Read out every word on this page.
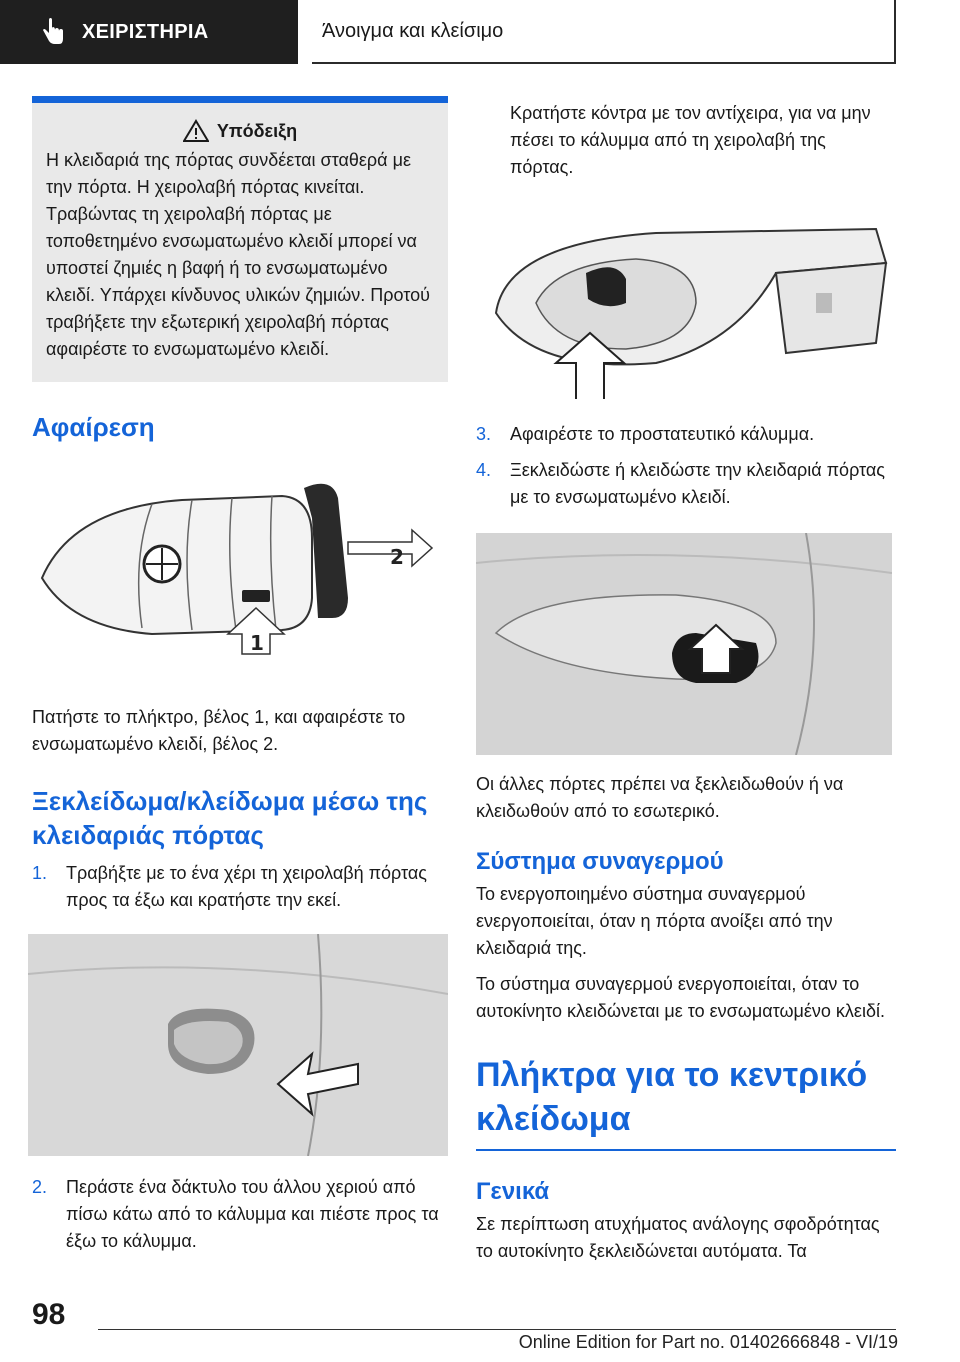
ΧΕΙΡΙΣΤΗΡΙΑ	Άνοιγμα και κλείσιμο
Υπόδειξη

Η κλειδαριά της πόρτας συνδέεται σταθερά με την πόρτα. Η χειρολαβή πόρτας κινείται. Τραβώντας τη χειρολαβή πόρτας με τοποθετημένο ενσωματωμένο κλειδί μπορεί να υποστεί ζημιές η βαφή ή το ενσωματωμένο κλειδί. Υπάρχει κίνδυνος υλικών ζημιών. Προτού τραβήξετε την εξωτερική χειρολαβή πόρτας αφαιρέστε το ενσωματωμένο κλειδί.

Αφαίρεση
2
1

Πατήστε το πλήκτρο, βέλος 1, και αφαιρέστε το ενσωματωμένο κλειδί, βέλος 2.

Ξεκλείδωμα/κλείδωμα μέσω της κλειδαριάς πόρτας
1.	Τραβήξτε με το ένα χέρι τη χειρολαβή πόρτας προς τα έξω και κρατήστε την εκεί.
2.	Περάστε ένα δάκτυλο του άλλου χεριού από πίσω κάτω από το κάλυμμα και πιέστε προς τα έξω το κάλυμμα.

Κρατήστε κόντρα με τον αντίχειρα, για να μην πέσει το κάλυμμα από τη χειρολαβή της πόρτας.

3.	Αφαιρέστε το προστατευτικό κάλυμμα.
4.	Ξεκλειδώστε ή κλειδώστε την κλειδαριά πόρτας με το ενσωματωμένο κλειδί.

Οι άλλες πόρτες πρέπει να ξεκλειδωθούν ή να κλειδωθούν από το εσωτερικό.

Σύστημα συναγερμού

Το ενεργοποιημένο σύστημα συναγερμού ενεργοποιείται, όταν η πόρτα ανοίξει από την κλειδαριά της.

Το σύστημα συναγερμού ενεργοποιείται, όταν το αυτοκίνητο κλειδώνεται με το ενσωματωμένο κλειδί.

Πλήκτρα για το κεντρικό κλείδωμα
Γενικά

Σε περίπτωση ατυχήματος ανάλογης σφοδρότητας το αυτοκίνητο ξεκλειδώνεται αυτόματα. Τα

98
Online Edition for Part no. 01402666848 - VI/19
